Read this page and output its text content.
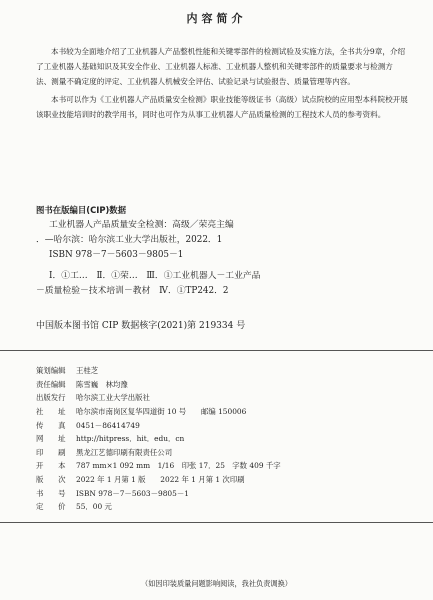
内容简介

本书较为全面地介绍了工业机器人产品整机性能和关键零部件的检测试验及实施方法，全书共分9章，介绍了工业机器人基础知识及其安全作业、工业机器人标准、工业机器人整机和关键零部件的质量要求与检测方法、测量不确定度的评定、工业机器人机械安全评估、试验记录与试验报告、质量管理等内容。

本书可以作为《工业机器人产品质量安全检测》职业技能等级证书（高级）试点院校的应用型本科院校开展该职业技能培训时的教学用书，同时也可作为从事工业机器人产品质量检测的工程技术人员的参考资料。

图书在版编目(CIP)数据
工业机器人产品质量安全检测：高级／荣亮主编
．—哈尔滨：哈尔滨工业大学出版社，2022．1
ISBN 978－7－5603－9805－1
Ⅰ．①工…　Ⅱ．①荣…　Ⅲ．①工业机器人－工业产品
－质量检验－技术培训－教材　Ⅳ．①TP242．2
中国版本图书馆 CIP 数据核字(2021)第 219334 号
策划编辑	王桂芝
责任编辑	陈雪巍　林均豫
出版发行	哈尔滨工业大学出版社
社　　址	哈尔滨市南岗区复华四道街 10 号　　邮编 150006
传　　真	0451－86414749
网　　址	http://hitpress．hit．edu．cn
印　　刷	黑龙江艺德印刷有限责任公司
开　　本	787 mm×1 092 mm　1/16　印张 17．25　字数 409 千字
版　　次	2022 年 1 月第 1 版　　2022 年 1 月第 1 次印刷
书　　号	ISBN 978－7－5603－9805－1
定　　价	55．00 元
（如因印装质量问题影响阅读，我社负责调换）
